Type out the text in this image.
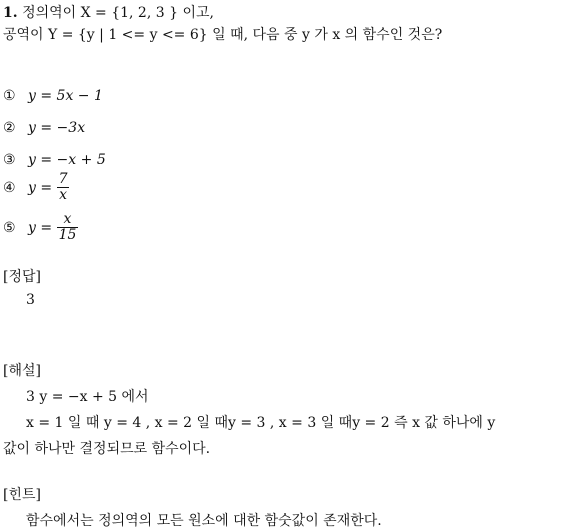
1. 정의역이 X = {1, 2, 3 } 이고,
공역이 Y = {y | 1 <= y <= 6} 일 때, 다음 중 y 가 x 의 함수인 것은?
① y = 5x − 1
② y = −3x
③ y = −x + 5
④ $y = \frac{7}{x}$
⑤ $y = \frac{x}{15}$
[정답]
3
[해설]
3 y = −x + 5 에서
x = 1 일 때 y = 4 , x = 2 일 때y = 3 , x = 3 일 때y = 2 즉 x 값 하나에 y
값이 하나만 결정되므로 함수이다.
[힌트]
함수에서는 정의역의 모든 원소에 대한 함숫값이 존재한다.
